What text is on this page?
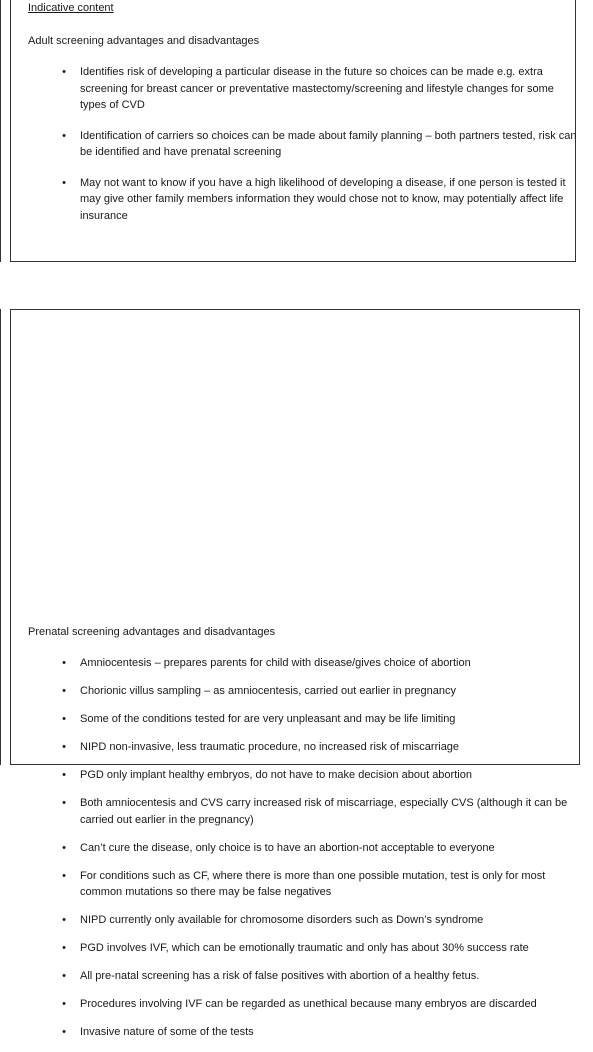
Indicative content
Adult screening advantages and disadvantages
•	Identifies risk of developing a particular disease in the future so choices can be made e.g. extra screening for breast cancer or preventative mastectomy/screening and lifestyle changes for some types of CVD
•	Identification of carriers so choices can be made about family planning – both partners tested, risk can be identified and have prenatal screening
•	May not want to know if you have a high likelihood of developing a disease, if one person is tested it may give other family members information they would chose not to know, may potentially affect life insurance
Prenatal screening advantages and disadvantages
•	Amniocentesis – prepares parents for child with disease/gives choice of abortion
•	Chorionic villus sampling – as amniocentesis, carried out earlier in pregnancy
•	Some of the conditions tested for are very unpleasant and may be life limiting
•	NIPD non-invasive, less traumatic procedure, no increased risk of miscarriage
•	PGD only implant healthy embryos, do not have to make decision about abortion
•	Both amniocentesis and CVS carry increased risk of miscarriage, especially CVS (although it can be carried out earlier in the pregnancy)
•	Can’t cure the disease, only choice is to have an abortion-not acceptable to everyone
•	For conditions such as CF, where there is more than one possible mutation, test is only for most common mutations so there may be false negatives
•	NIPD currently only available for chromosome disorders such as Down’s syndrome
•	PGD involves IVF, which can be emotionally traumatic and only has about 30% success rate
•	All pre-natal screening has a risk of false positives with abortion of a healthy fetus.
•	Procedures involving IVF can be regarded as unethical because many embryos are discarded
•	Invasive nature of some of the tests
